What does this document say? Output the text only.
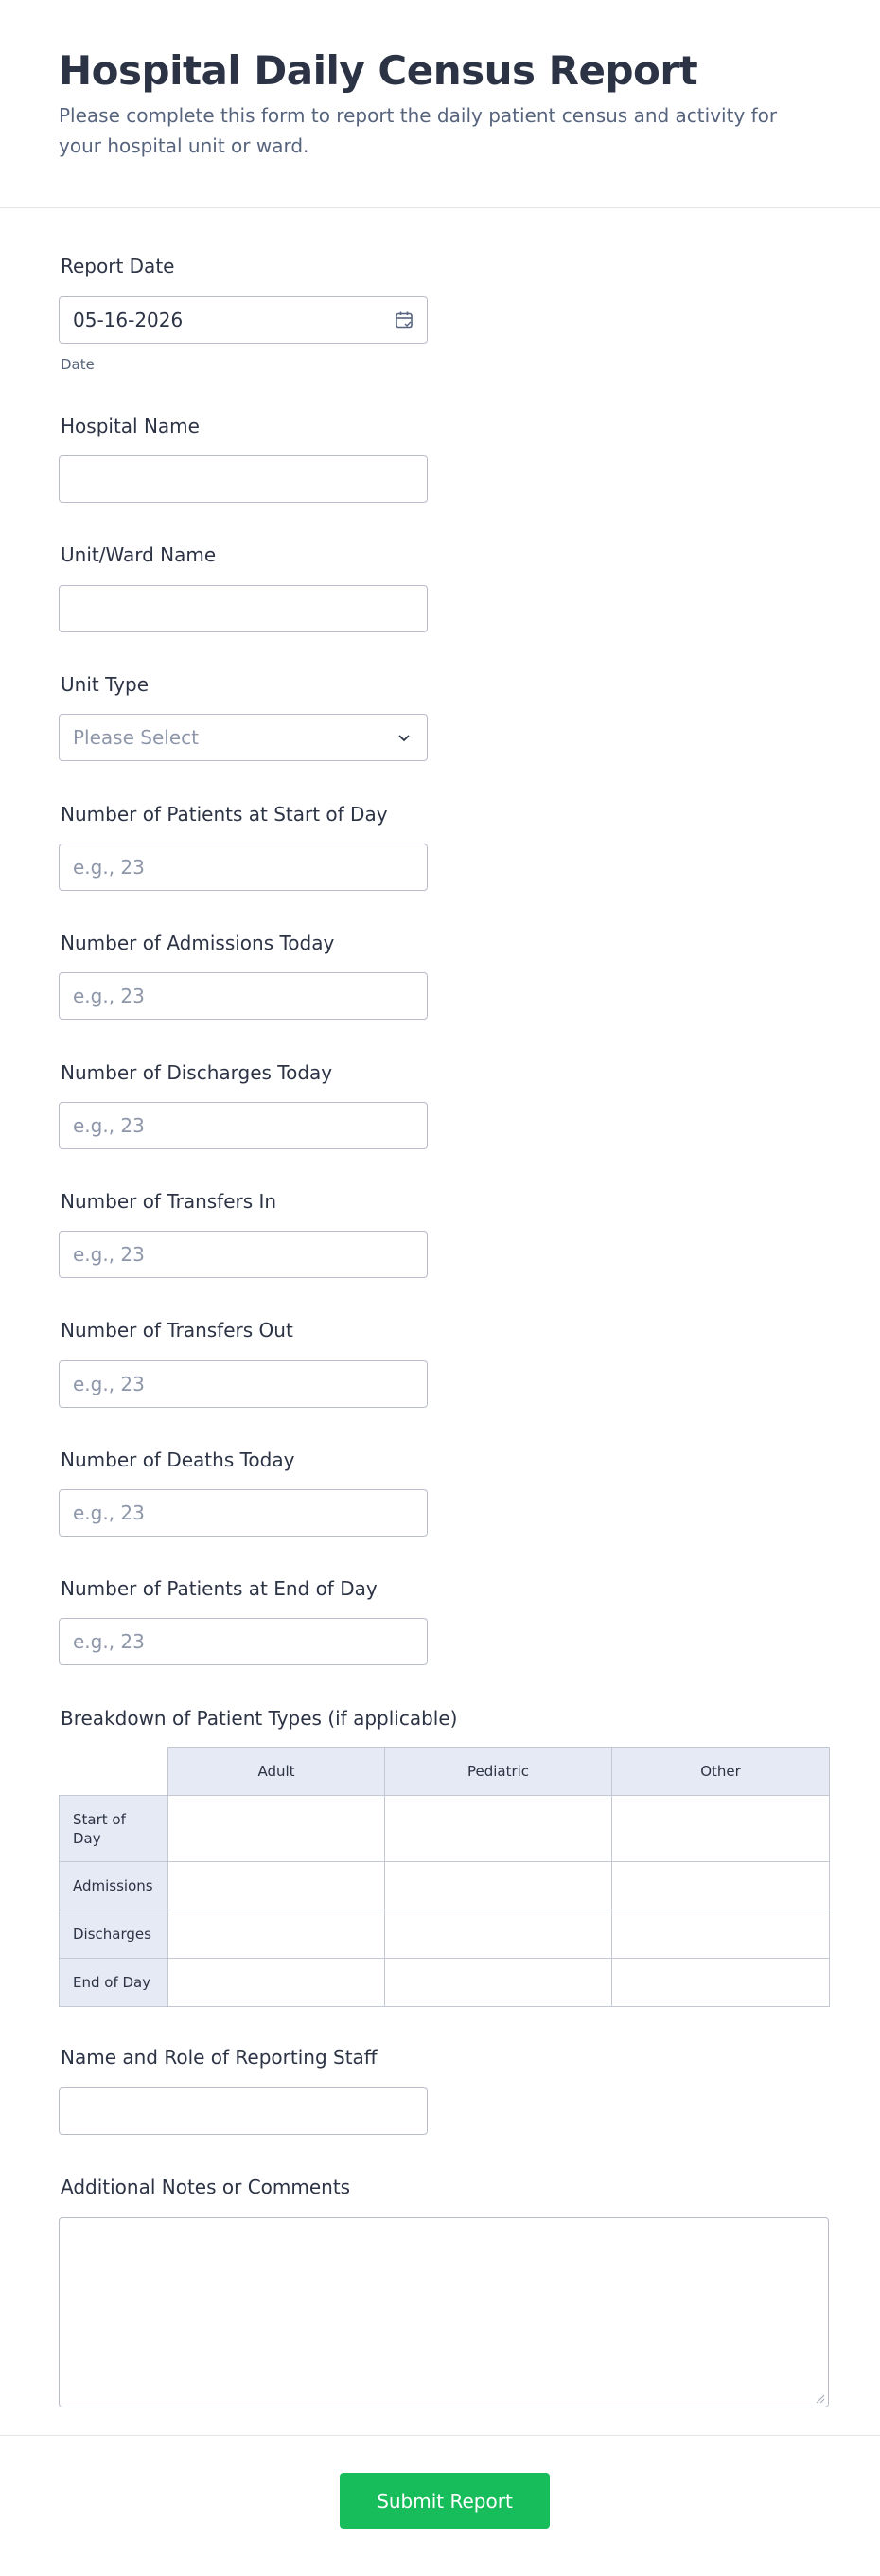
Hospital Daily Census Report
Please complete this form to report the daily patient census and activity for your hospital unit or ward.
Report Date
05-16-2026
Date
Hospital Name
Unit/Ward Name
Unit Type
Please Select
Number of Patients at Start of Day
e.g., 23
Number of Admissions Today
e.g., 23
Number of Discharges Today
e.g., 23
Number of Transfers In
e.g., 23
Number of Transfers Out
e.g., 23
Number of Deaths Today
e.g., 23
Number of Patients at End of Day
e.g., 23
Breakdown of Patient Types (if applicable)
	Adult	Pediatric	Other
Start of Day			
Admissions			
Discharges			
End of Day			
Name and Role of Reporting Staff
Additional Notes or Comments
Submit Report
